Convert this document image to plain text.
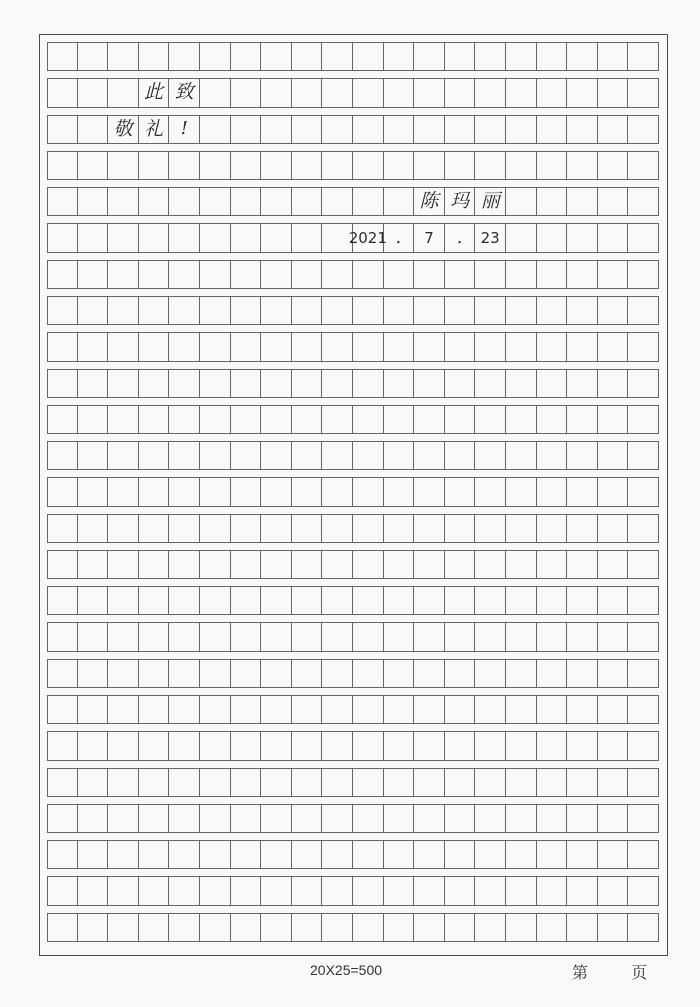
此 致
敬 礼 !
陈 玛 丽
2021 .	7	.	23
20X25=500	第 页
